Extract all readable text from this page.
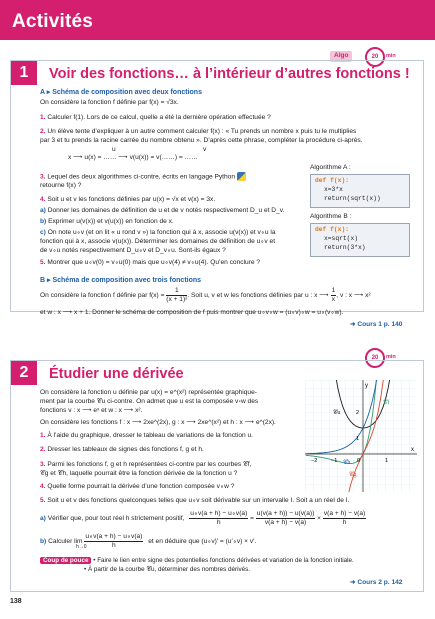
Activités
Algo	20	min
1	Voir des fonctions… à l’intérieur d’autres fonctions !
A ▸ Schéma de composition avec deux fonctions
On considère la fonction f définie par f(x) = √3x.
1. Calculer f(1). Lors de ce calcul, quelle a été la dernière opération effectuée ?
2. Un élève tente d’expliquer à un autre comment calculer f(x) : « Tu prends un nombre x puis tu le multiplies
par 3 et tu prends la racine carrée du nombre obtenu ». D’après cette phrase, compléter la procédure ci-après.
u	v
x ⟶ u(x) = …… ⟶ v(u(x)) = v(……) = ……
3. Lequel des deux algorithmes ci-contre, écrits en langage Python
retourne f(x) ?
4. Soit u et v les fonctions définies par u(x) = √x et v(x) = 3x.
a) Donner les domaines de définition de u et de v notés respectivement D_u et D_v.
b) Exprimer u(v(x)) et v(u(x)) en fonction de x.
c) On note u∘v (et on lit « u rond v ») la fonction qui à x, associe u(v(x)) et v∘u la
fonction qui à x, associe v(u(x)). Déterminer les domaines de définition de u∘v et
de v∘u notés respectivement D_u∘v et D_v∘u. Sont-ils égaux ?
5. Montrer que u∘v(0) = v∘u(0) mais que u∘v(4) ≠ v∘u(4). Qu’en conclure ?
Algorithme A :
def f(x):
x=3*x
return(sqrt(x))
Algorithme B :
def f(x):
x=sqrt(x)
return(3*x)
B ▸ Schéma de composition avec trois fonctions
On considère la fonction f définie par $f(x) = \frac{1}{\text{(x + 1)²}}$ . Soit u, v et w les fonctions définies par u : x ⟶ $\frac{1}{x}$ , v : x ⟶ x²
et w : x ⟶ x + 1. Donner le schéma de composition de f puis montrer que u∘v∘w = (u∘v)∘w = u∘(v∘w).
➜ Cours 1 p. 140
20	min
2	Étudier une dérivée
On considère la fonction u définie par u(x) = e^(x²) représentée graphique-
ment par la courbe 𝒞u ci-contre. On admet que u est la composée v∘w des
fonctions v : x ⟶ eˣ et w : x ⟶ x².
On considère les fonctions f : x ⟶ 2xe^(2x), g : x ⟶ 2xe^(x²) et h : x ⟶ e^(2x).
1. À l’aide du graphique, dresser le tableau de variations de la fonction u.
2. Dresser les tableaux de signes des fonctions f, g et h.
3. Parmi les fonctions f, g et h représentées ci-contre par les courbes 𝒞f,
𝒞g et 𝒞h, laquelle pourrait être la fonction dérivée de la fonction u ?
4. Quelle forme pourrait la dérivée d’une fonction composée v∘w ?
5. Soit u et v des fonctions quelconques telles que u∘v soit dérivable sur un intervalle I. Soit a un réel de I.
a) Vérifier que, pour tout réel h strictement positif, $\frac{u\circ v(a + h) - u\circ v(a)}{h} = \frac{u(v(a + h)) - u(v(a))}{v(a + h) - v(a)} \times \frac{v(a + h) - v(a)}{h}$
b) Calculer $\lim \frac{u\circ v(a + h) - u\circ v(a)}{h}$ et en déduire que (u∘v)′ = (u′∘v) × v′.
h→0
Coup de pouce • Faire le lien entre signe des potentielles fonctions dérivées et variation de la fonction initiale.
• À partir de la courbe 𝒞u, déterminer des nombres dérivés.
➜ Cours 2 p. 142
y
x
−2 −1	0	1
1
2
𝒞u
𝒞f
𝒞g
𝒞h
138
